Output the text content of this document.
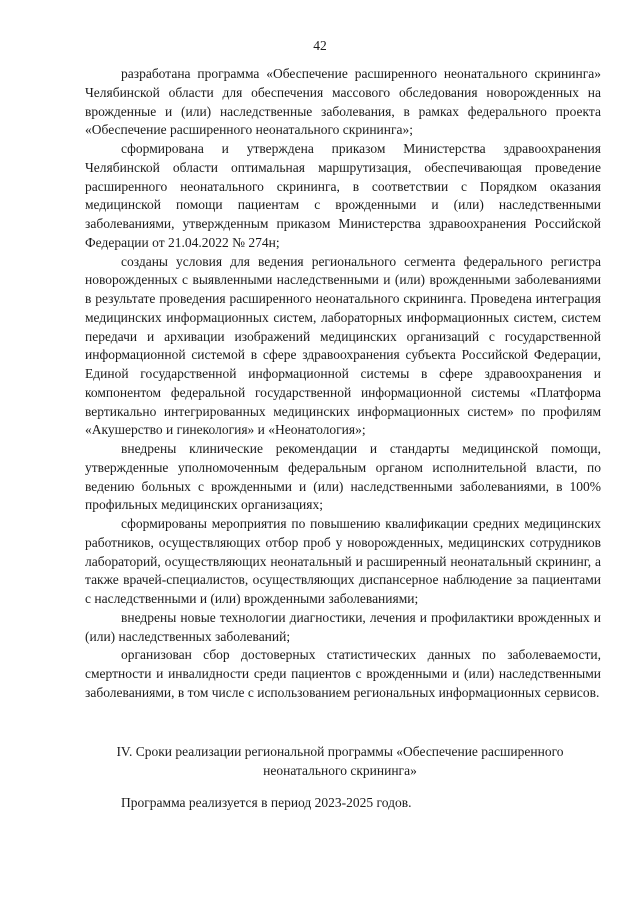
42

разработана программа «Обеспечение расширенного неонатального скрининга» Челябинской области для обеспечения массового обследования новорожденных на врожденные и (или) наследственные заболевания, в рамках федерального проекта «Обеспечение расширенного неонатального скрининга»;

сформирована и утверждена приказом Министерства здравоохранения Челябинской области оптимальная маршрутизация, обеспечивающая проведение расширенного неонатального скрининга, в соответствии с Порядком оказания медицинской помощи пациентам с врожденными и (или) наследственными заболеваниями, утвержденным приказом Министерства здравоохранения Российской Федерации от 21.04.2022 № 274н;

созданы условия для ведения регионального сегмента федерального регистра новорожденных с выявленными наследственными и (или) врожденными заболеваниями в результате проведения расширенного неонатального скрининга. Проведена интеграция медицинских информационных систем, лабораторных информационных систем, систем передачи и архивации изображений медицинских организаций с государственной информационной системой в сфере здравоохранения субъекта Российской Федерации, Единой государственной информационной системы в сфере здравоохранения и компонентом федеральной государственной информационной системы «Платформа вертикально интегрированных медицинских информационных систем» по профилям «Акушерство и гинекология» и «Неонатология»;

внедрены клинические рекомендации и стандарты медицинской помощи, утвержденные уполномоченным федеральным органом исполнительной власти, по ведению больных с врожденными и (или) наследственными заболеваниями, в 100% профильных медицинских организациях;

сформированы мероприятия по повышению квалификации средних медицинских работников, осуществляющих отбор проб у новорожденных, медицинских сотрудников лабораторий, осуществляющих неонатальный и расширенный неонатальный скрининг, а также врачей-специалистов, осуществляющих диспансерное наблюдение за пациентами с наследственными и (или) врожденными заболеваниями;

внедрены новые технологии диагностики, лечения и профилактики врожденных и (или) наследственных заболеваний;

организован сбор достоверных статистических данных по заболеваемости, смертности и инвалидности среди пациентов с врожденными и (или) наследственными заболеваниями, в том числе с использованием региональных информационных сервисов.

IV. Сроки реализации региональной программы «Обеспечение расширенного неонатального скрининга»

Программа реализуется в период 2023-2025 годов.
